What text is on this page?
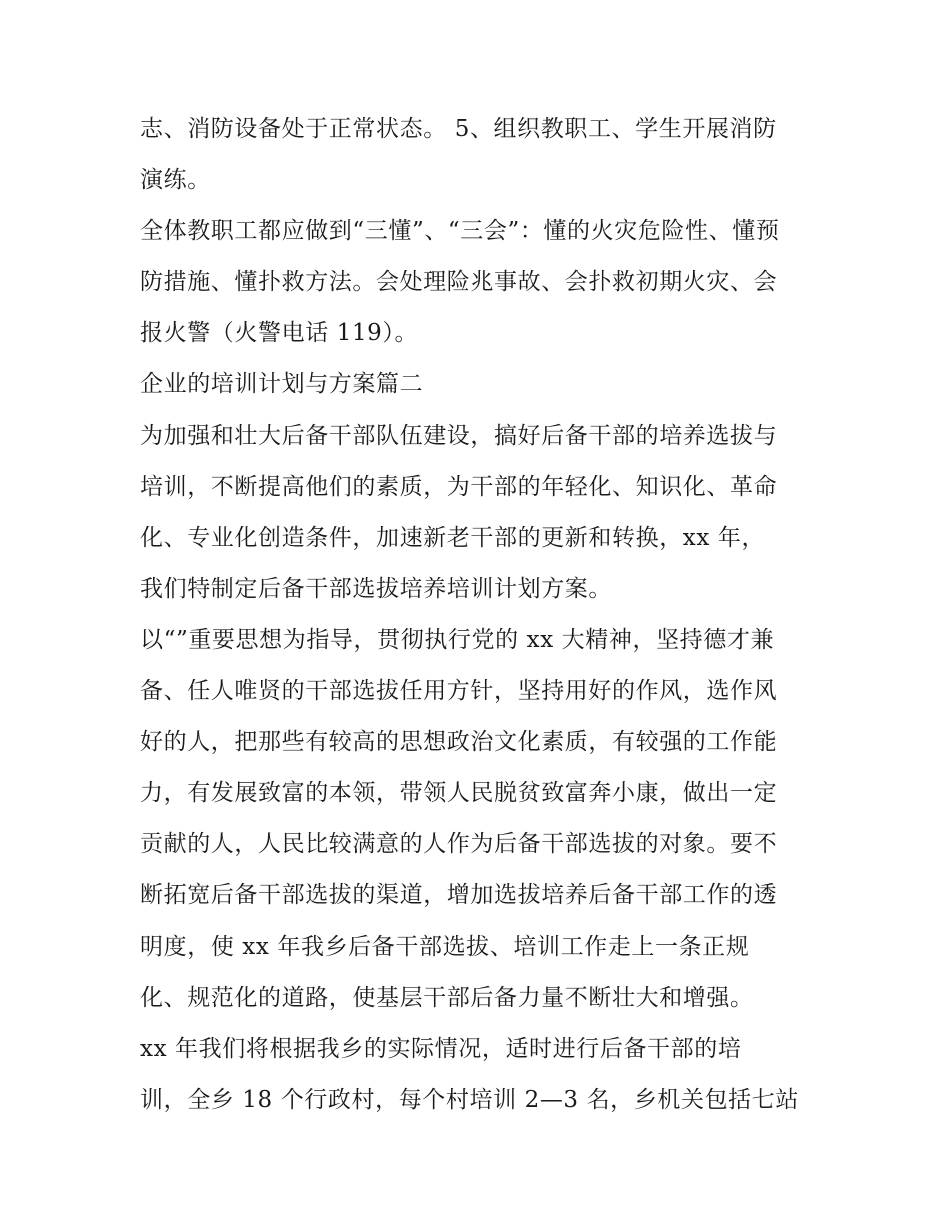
志、消防设备处于正常状态。 5、组织教职工、学生开展消防
演练。
全体教职工都应做到“三懂”、“三会”：懂的火灾危险性、懂预
防措施、懂扑救方法。会处理险兆事故、会扑救初期火灾、会
报火警（火警电话 119）。
企业的培训计划与方案篇二
为加强和壮大后备干部队伍建设，搞好后备干部的培养选拔与
培训，不断提高他们的素质，为干部的年轻化、知识化、革命
化、专业化创造条件，加速新老干部的更新和转换，xx 年，
我们特制定后备干部选拔培养培训计划方案。
以“”重要思想为指导，贯彻执行党的 xx 大精神，坚持德才兼
备、任人唯贤的干部选拔任用方针，坚持用好的作风，选作风
好的人，把那些有较高的思想政治文化素质，有较强的工作能
力，有发展致富的本领，带领人民脱贫致富奔小康，做出一定
贡献的人，人民比较满意的人作为后备干部选拔的对象。要不
断拓宽后备干部选拔的渠道，增加选拔培养后备干部工作的透
明度，使 xx 年我乡后备干部选拔、培训工作走上一条正规
化、规范化的道路，使基层干部后备力量不断壮大和增强。
xx 年我们将根据我乡的实际情况，适时进行后备干部的培
训，全乡 18 个行政村，每个村培训 2—3 名，乡机关包括七站
